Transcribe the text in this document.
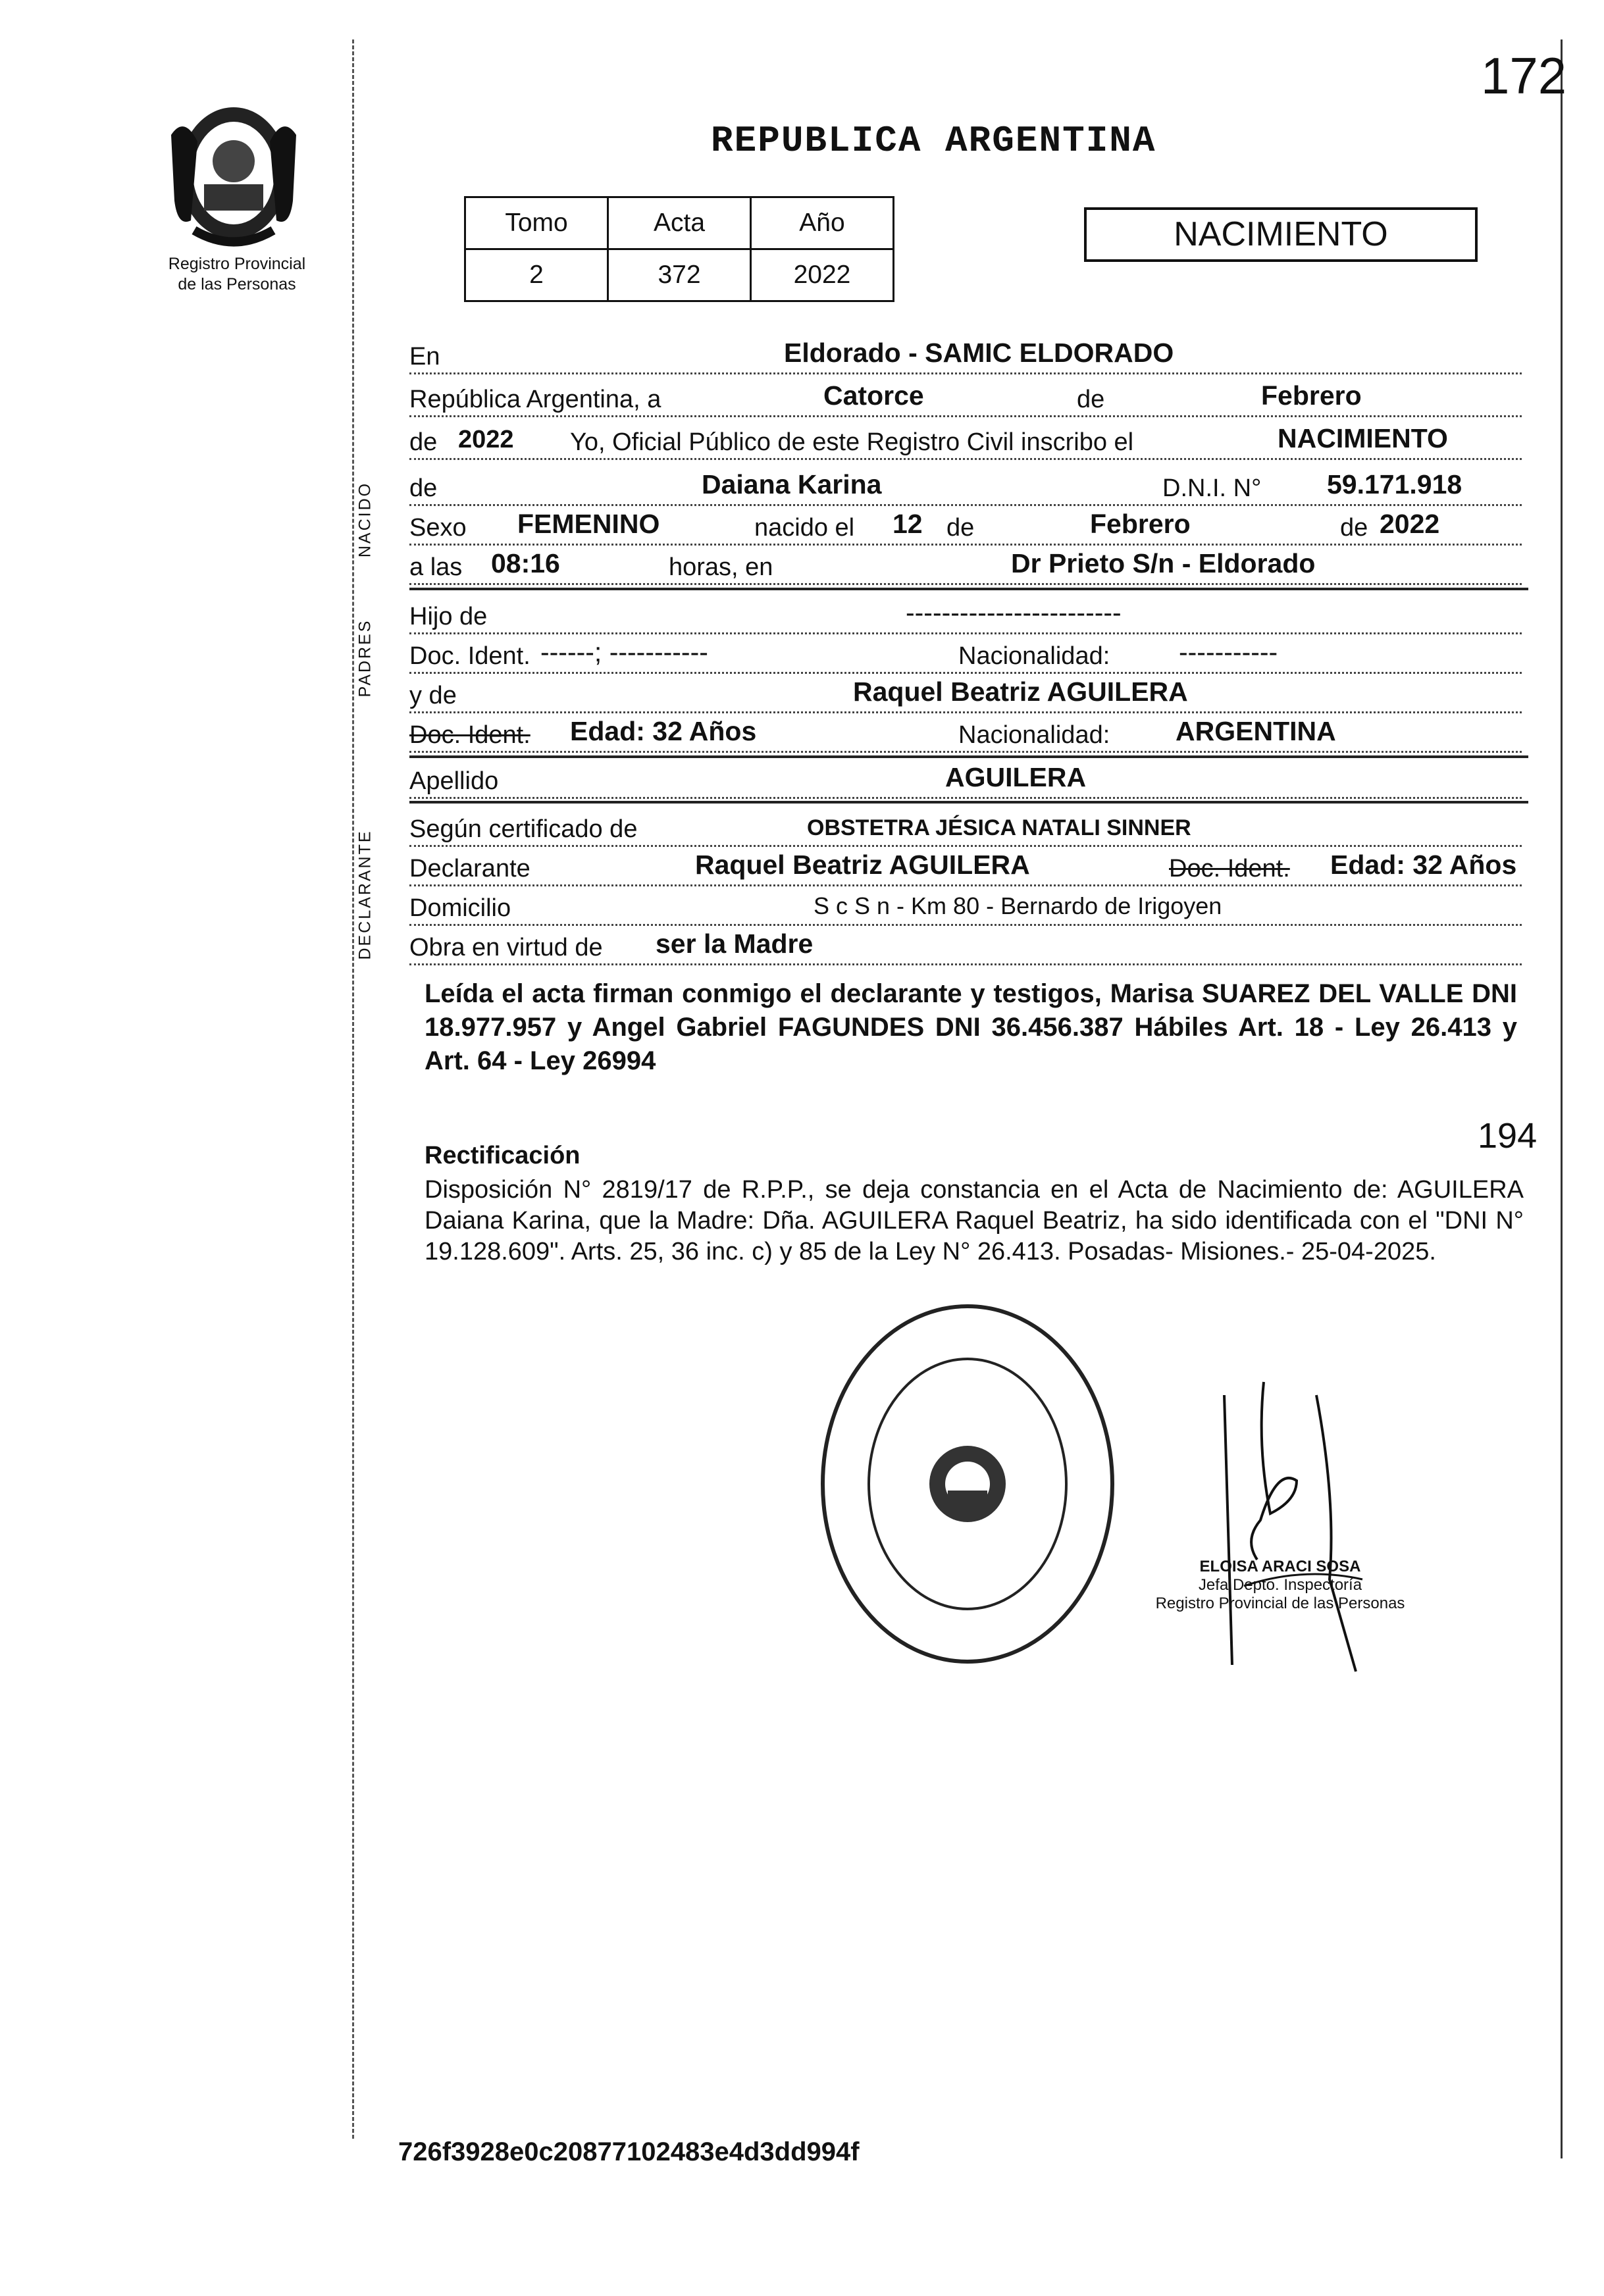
172
Registro Provincial
de las Personas
REPUBLICA ARGENTINA
Tomo	Acta	Año
2	372	2022
NACIMIENTO
En	Eldorado - SAMIC ELDORADO
República Argentina, a	Catorce	de	Febrero
de 2022 Yo, Oficial Público de este Registro Civil inscribo el	NACIMIENTO
NACIDO de	Daiana Karina	D.N.I. N° 59.171.918
Sexo FEMENINO	nacido el 12 de	Febrero	de 2022
a las 08:16	horas, en	Dr Prieto S/n - Eldorado
PADRES
Hijo de	------------------------
Doc. Ident. ------; -----------	Nacionalidad:	-----------
y de	Raquel Beatriz AGUILERA
Doc. Ident. Edad: 32 Años	Nacionalidad: ARGENTINA
Apellido	AGUILERA
DECLARANTE
Según certificado de	OBSTETRA JÉSICA NATALI SINNER
Declarante	Raquel Beatriz AGUILERA	Doc. Ident. Edad: 32 Años
Domicilio	S c S n - Km 80 - Bernardo de Irigoyen
Obra en virtud de ser la Madre
Leída el acta firman conmigo el declarante y testigos, Marisa SUAREZ DEL VALLE DNI 18.977.957 y Angel Gabriel FAGUNDES DNI 36.456.387 Hábiles Art. 18 - Ley 26.413 y Art. 64 - Ley 26994
194
Rectificación
Disposición N° 2819/17 de R.P.P., se deja constancia en el Acta de Nacimiento de: AGUILERA Daiana Karina, que la Madre: Dña. AGUILERA Raquel Beatriz, ha sido identificada con el "DNI N° 19.128.609". Arts. 25, 36 inc. c) y 85 de la Ley N° 26.413. Posadas- Misiones.- 25-04-2025.
ELOISA ARACI SOSA
Jefa Depto. Inspectoría
Registro Provincial de las Personas
726f3928e0c20877102483e4d3dd994f
